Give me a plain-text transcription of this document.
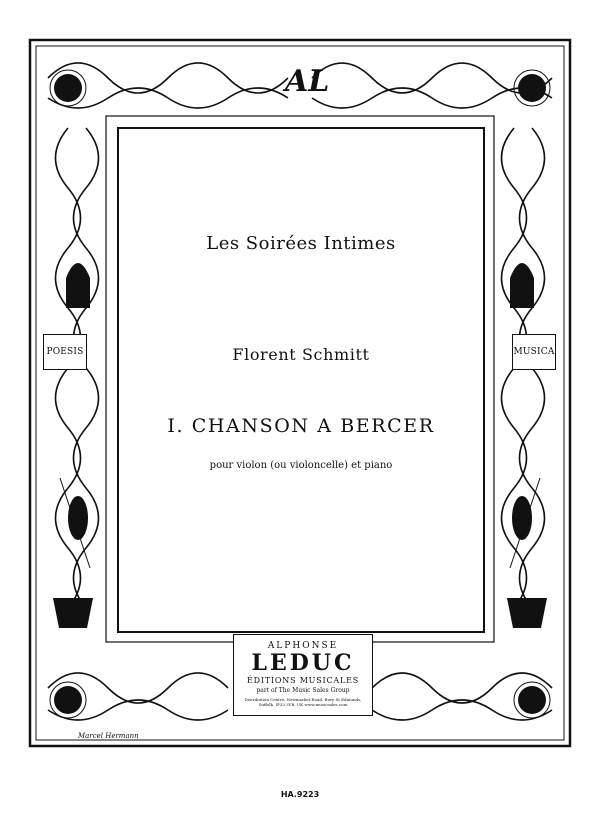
AL
Les Soirées Intimes
Florent Schmitt
I. CHANSON A BERCER
pour violon (ou violoncelle) et piano
POESIS	MUSICA
ALPHONSE
LEDUC
ÉDITIONS MUSICALES
part of The Music Sales Group
Distribution Centre, Newmarket Road, Bury St Edmunds, Suffolk, IP33 3YB, UK www.musicsales.com
Marcel Hermann
HA.9223
